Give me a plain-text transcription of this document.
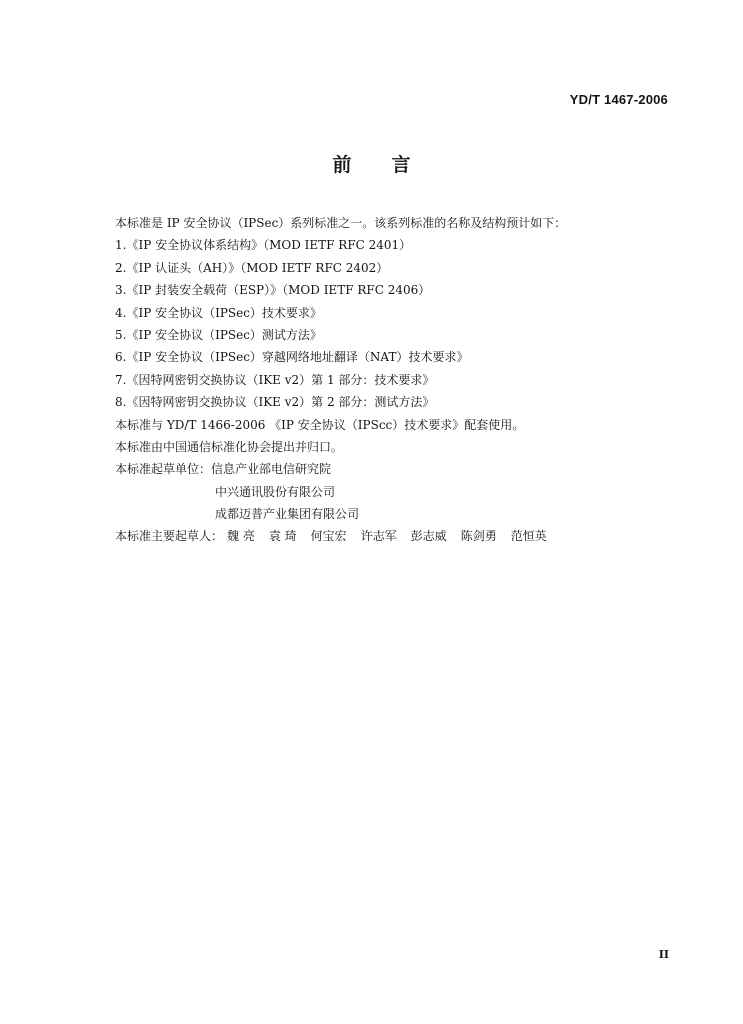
YD/T 1467-2006
前 言
本标准是 IP 安全协议（IPSec）系列标准之一。该系列标准的名称及结构预计如下：
1.《IP 安全协议体系结构》（MOD IETF RFC 2401）
2.《IP 认证头（AH）》（MOD IETF RFC 2402）
3.《IP 封装安全载荷（ESP）》（MOD IETF RFC 2406）
4.《IP 安全协议（IPSec）技术要求》
5.《IP 安全协议（IPSec）测试方法》
6.《IP 安全协议（IPSec）穿越网络地址翻译（NAT）技术要求》
7.《因特网密钥交换协议（IKE v2）第 1 部分：技术要求》
8.《因特网密钥交换协议（IKE v2）第 2 部分：测试方法》
本标准与 YD/T 1466-2006 《IP 安全协议（IPScc）技术要求》配套使用。
本标准由中国通信标准化协会提出并归口。
本标准起草单位：信息产业部电信研究院
中兴通讯股份有限公司
成都迈普产业集团有限公司
本标准主要起草人： 魏 亮 袁 琦 何宝宏 许志军 彭志威 陈剑勇 范恒英
II
